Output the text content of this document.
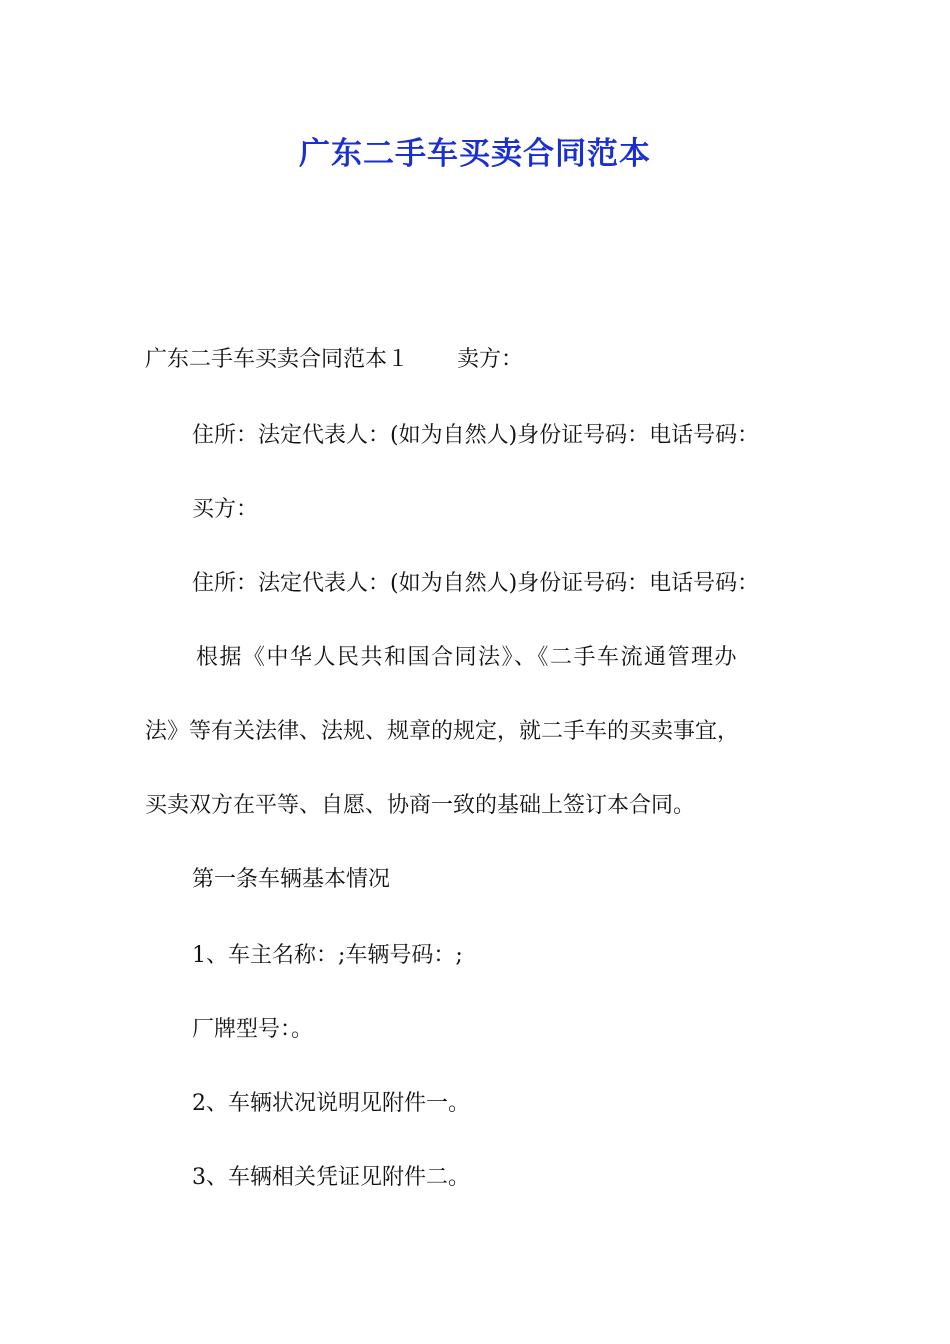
广东二手车买卖合同范本
广东二手车买卖合同范本１ 卖方：
住所：法定代表人：(如为自然人)身份证号码：电话号码：
买方：
住所：法定代表人：(如为自然人)身份证号码：电话号码：
根据《中华人民共和国合同法》、《二手车流通管理办
法》等有关法律、法规、规章的规定，就二手车的买卖事宜，
买卖双方在平等、自愿、协商一致的基础上签订本合同。
第一条车辆基本情况
1、车主名称：;车辆号码：;
厂牌型号：。
2、车辆状况说明见附件一。
3、车辆相关凭证见附件二。
